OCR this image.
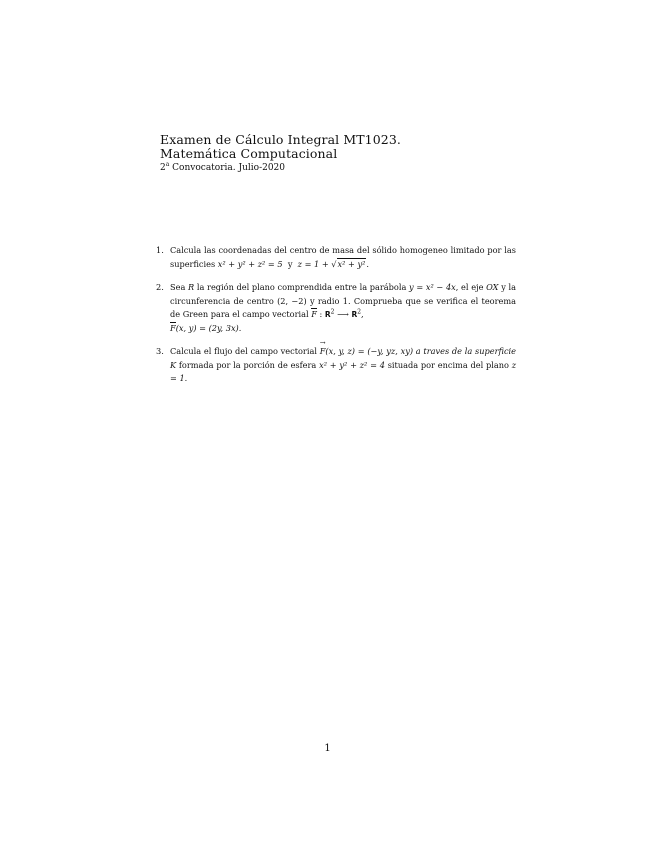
Examen de Cálculo Integral MT1023.
Matemática Computacional
2$^a$ Convocatoria. Julio-2020
1. Calcula las coordenadas del centro de masa del sólido homogeneo limitado por las superficies x² + y² + z² = 5  y  z = 1 + √x² + y².

2. Sea R la región del plano comprendida entre la parábola y = x² − 4x, el eje OX y la circunferencia de centro (2, −2) y radio 1. Comprueba que se verifica el teorema de Green para el campo vectorial F : $R^2$ ⟶ $R^2$,
F(x, y) = (2y, 3x).

3. Calcula el flujo del campo vectorial → F(x, y, z) = (−y, yz, xy) a traves de la superficie K formada por la porción de esfera x² + y² + z² = 4 situada por encima del plano z = 1.

1
